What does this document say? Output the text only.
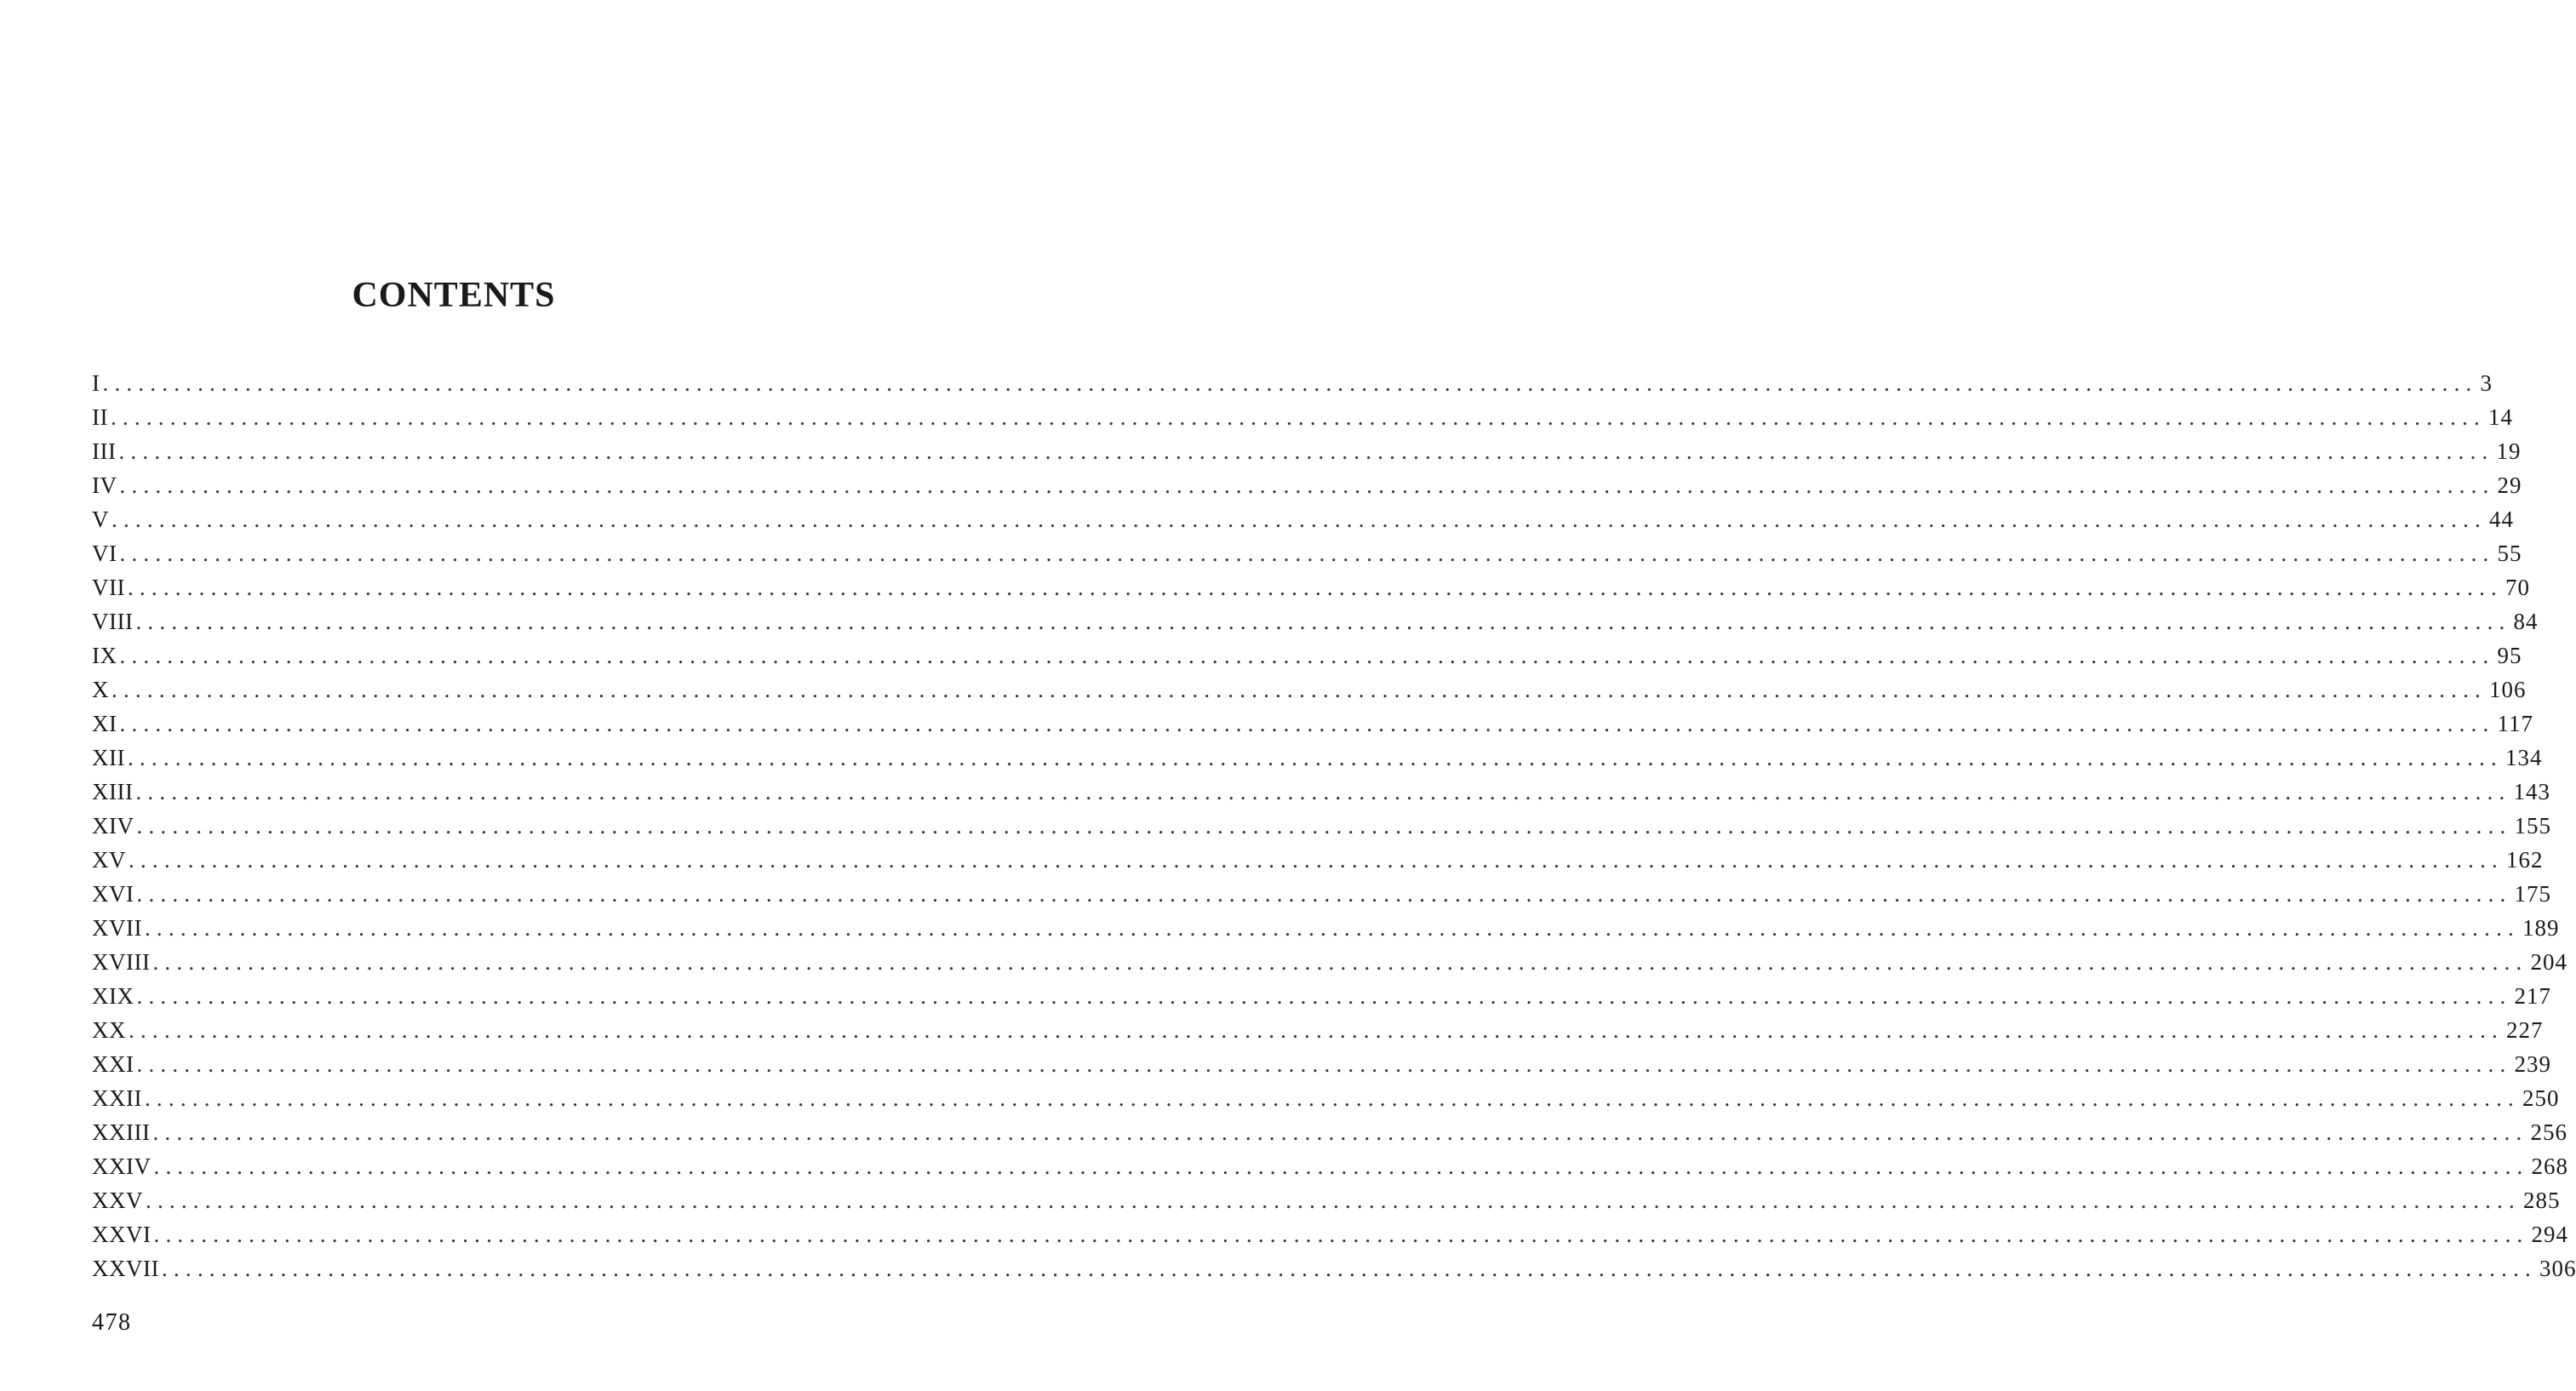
CONTENTS
I ........................................................................................................................................................................................................ 3
II ........................................................................................................................................................................................................ 14
III ........................................................................................................................................................................................................ 19
IV ........................................................................................................................................................................................................ 29
V ........................................................................................................................................................................................................ 44
VI ........................................................................................................................................................................................................ 55
VII ........................................................................................................................................................................................................ 70
VIII ........................................................................................................................................................................................................ 84
IX ........................................................................................................................................................................................................ 95
X ........................................................................................................................................................................................................ 106
XI ........................................................................................................................................................................................................ 117
XII ........................................................................................................................................................................................................ 134
XIII ........................................................................................................................................................................................................ 143
XIV ........................................................................................................................................................................................................ 155
XV ........................................................................................................................................................................................................ 162
XVI ........................................................................................................................................................................................................ 175
XVII ........................................................................................................................................................................................................ 189
XVIII ........................................................................................................................................................................................................ 204
XIX ........................................................................................................................................................................................................ 217
XX ........................................................................................................................................................................................................ 227
XXI ........................................................................................................................................................................................................ 239
XXII ........................................................................................................................................................................................................ 250
XXIII ........................................................................................................................................................................................................ 256
XXIV ........................................................................................................................................................................................................ 268
XXV ........................................................................................................................................................................................................ 285
XXVI ........................................................................................................................................................................................................ 294
XXVII ........................................................................................................................................................................................................ 306
478
